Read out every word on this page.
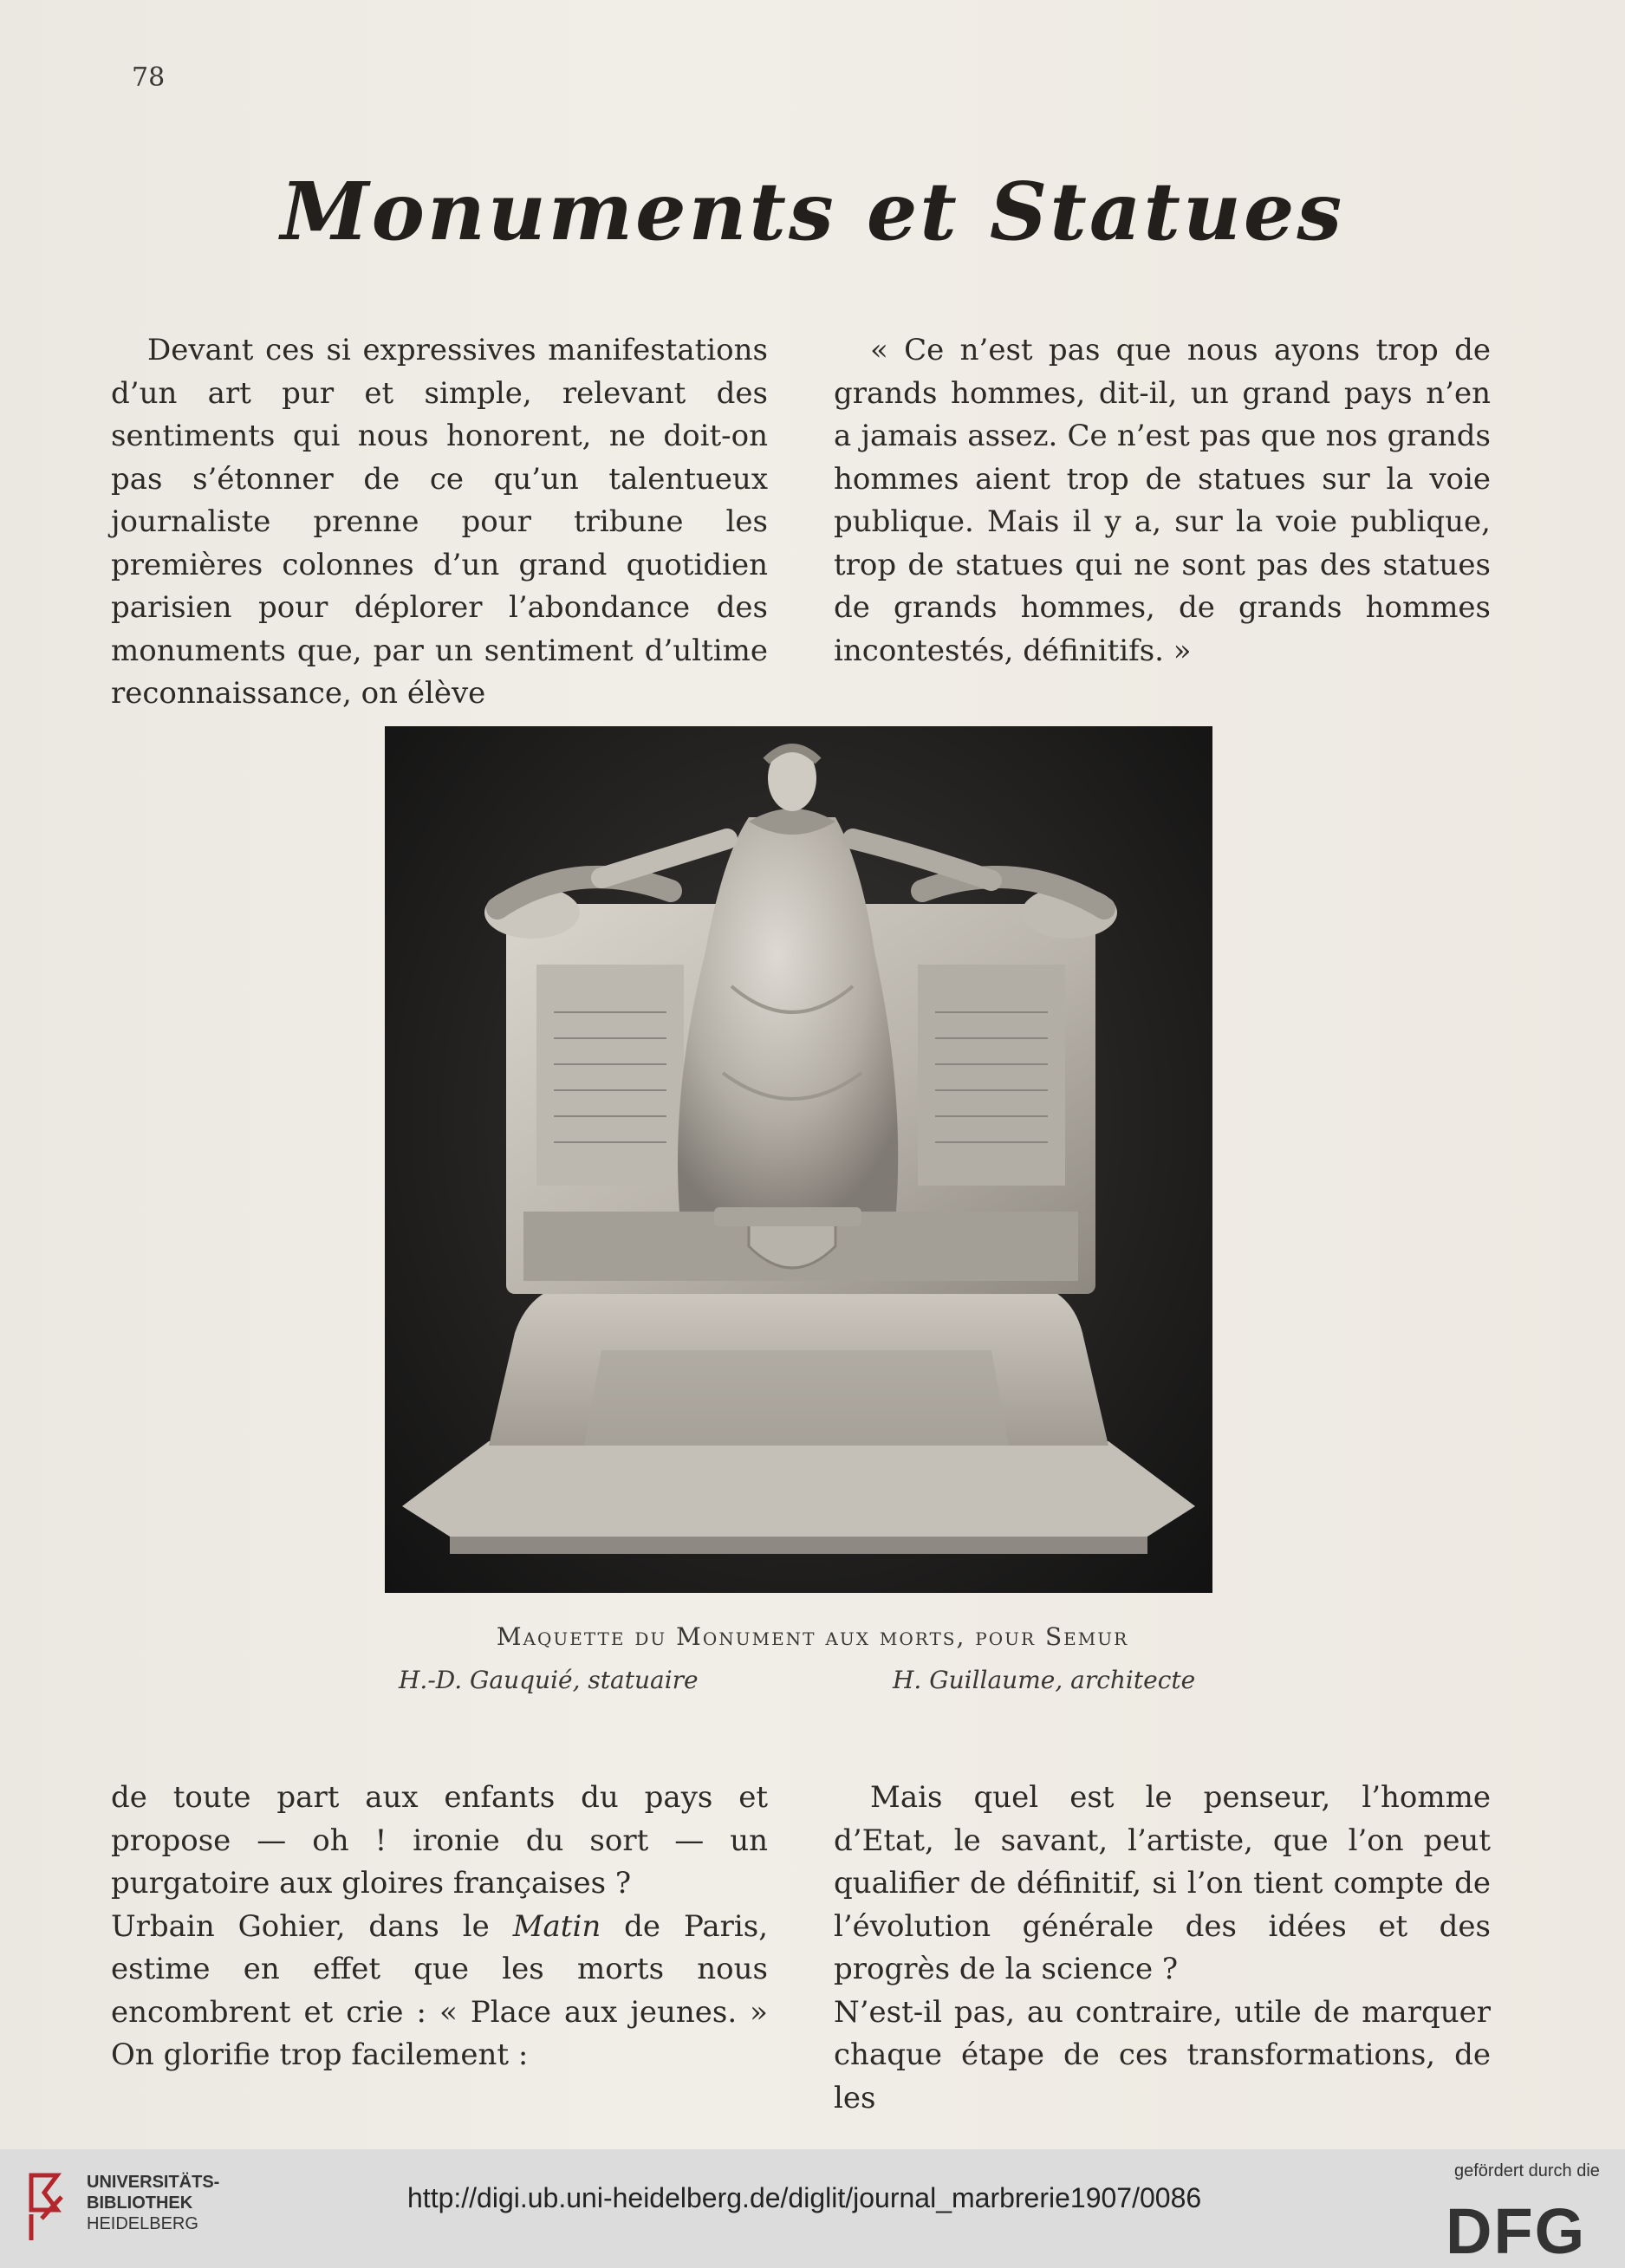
78
Monuments et Statues

Devant ces si expressives manifestations d’un art pur et simple, relevant des sentiments qui nous honorent, ne doit-on pas s’étonner de ce qu’un talentueux journaliste prenne pour tribune les premières colonnes d’un grand quotidien parisien pour déplorer l’abondance des monuments que, par un sentiment d’ultime reconnaissance, on élève

« Ce n’est pas que nous ayons trop de grands hommes, dit-il, un grand pays n’en a jamais assez. Ce n’est pas que nos grands hommes aient trop de statues sur la voie publique. Mais il y a, sur la voie publique, trop de statues qui ne sont pas des statues de grands hommes, de grands hommes incontestés, définitifs. »

Maquette du Monument aux morts, pour Semur
H.-D. Gauquié, statuaire	H. Guillaume, architecte

de toute part aux enfants du pays et propose — oh ! ironie du sort — un purgatoire aux gloires françaises ?

Urbain Gohier, dans le Matin de Paris, estime en effet que les morts nous encombrent et crie : « Place aux jeunes. » On glorifie trop facilement :

Mais quel est le penseur, l’homme d’Etat, le savant, l’artiste, que l’on peut qualifier de définitif, si l’on tient compte de l’évolution générale des idées et des progrès de la science ?

N’est-il pas, au contraire, utile de marquer chaque étape de ces transformations, de les

UNIVERSITÄTS-
BIBLIOTHEK
HEIDELBERG
http://digi.ub.uni-heidelberg.de/diglit/journal_marbrerie1907/0086
gefördert durch die
DFG
